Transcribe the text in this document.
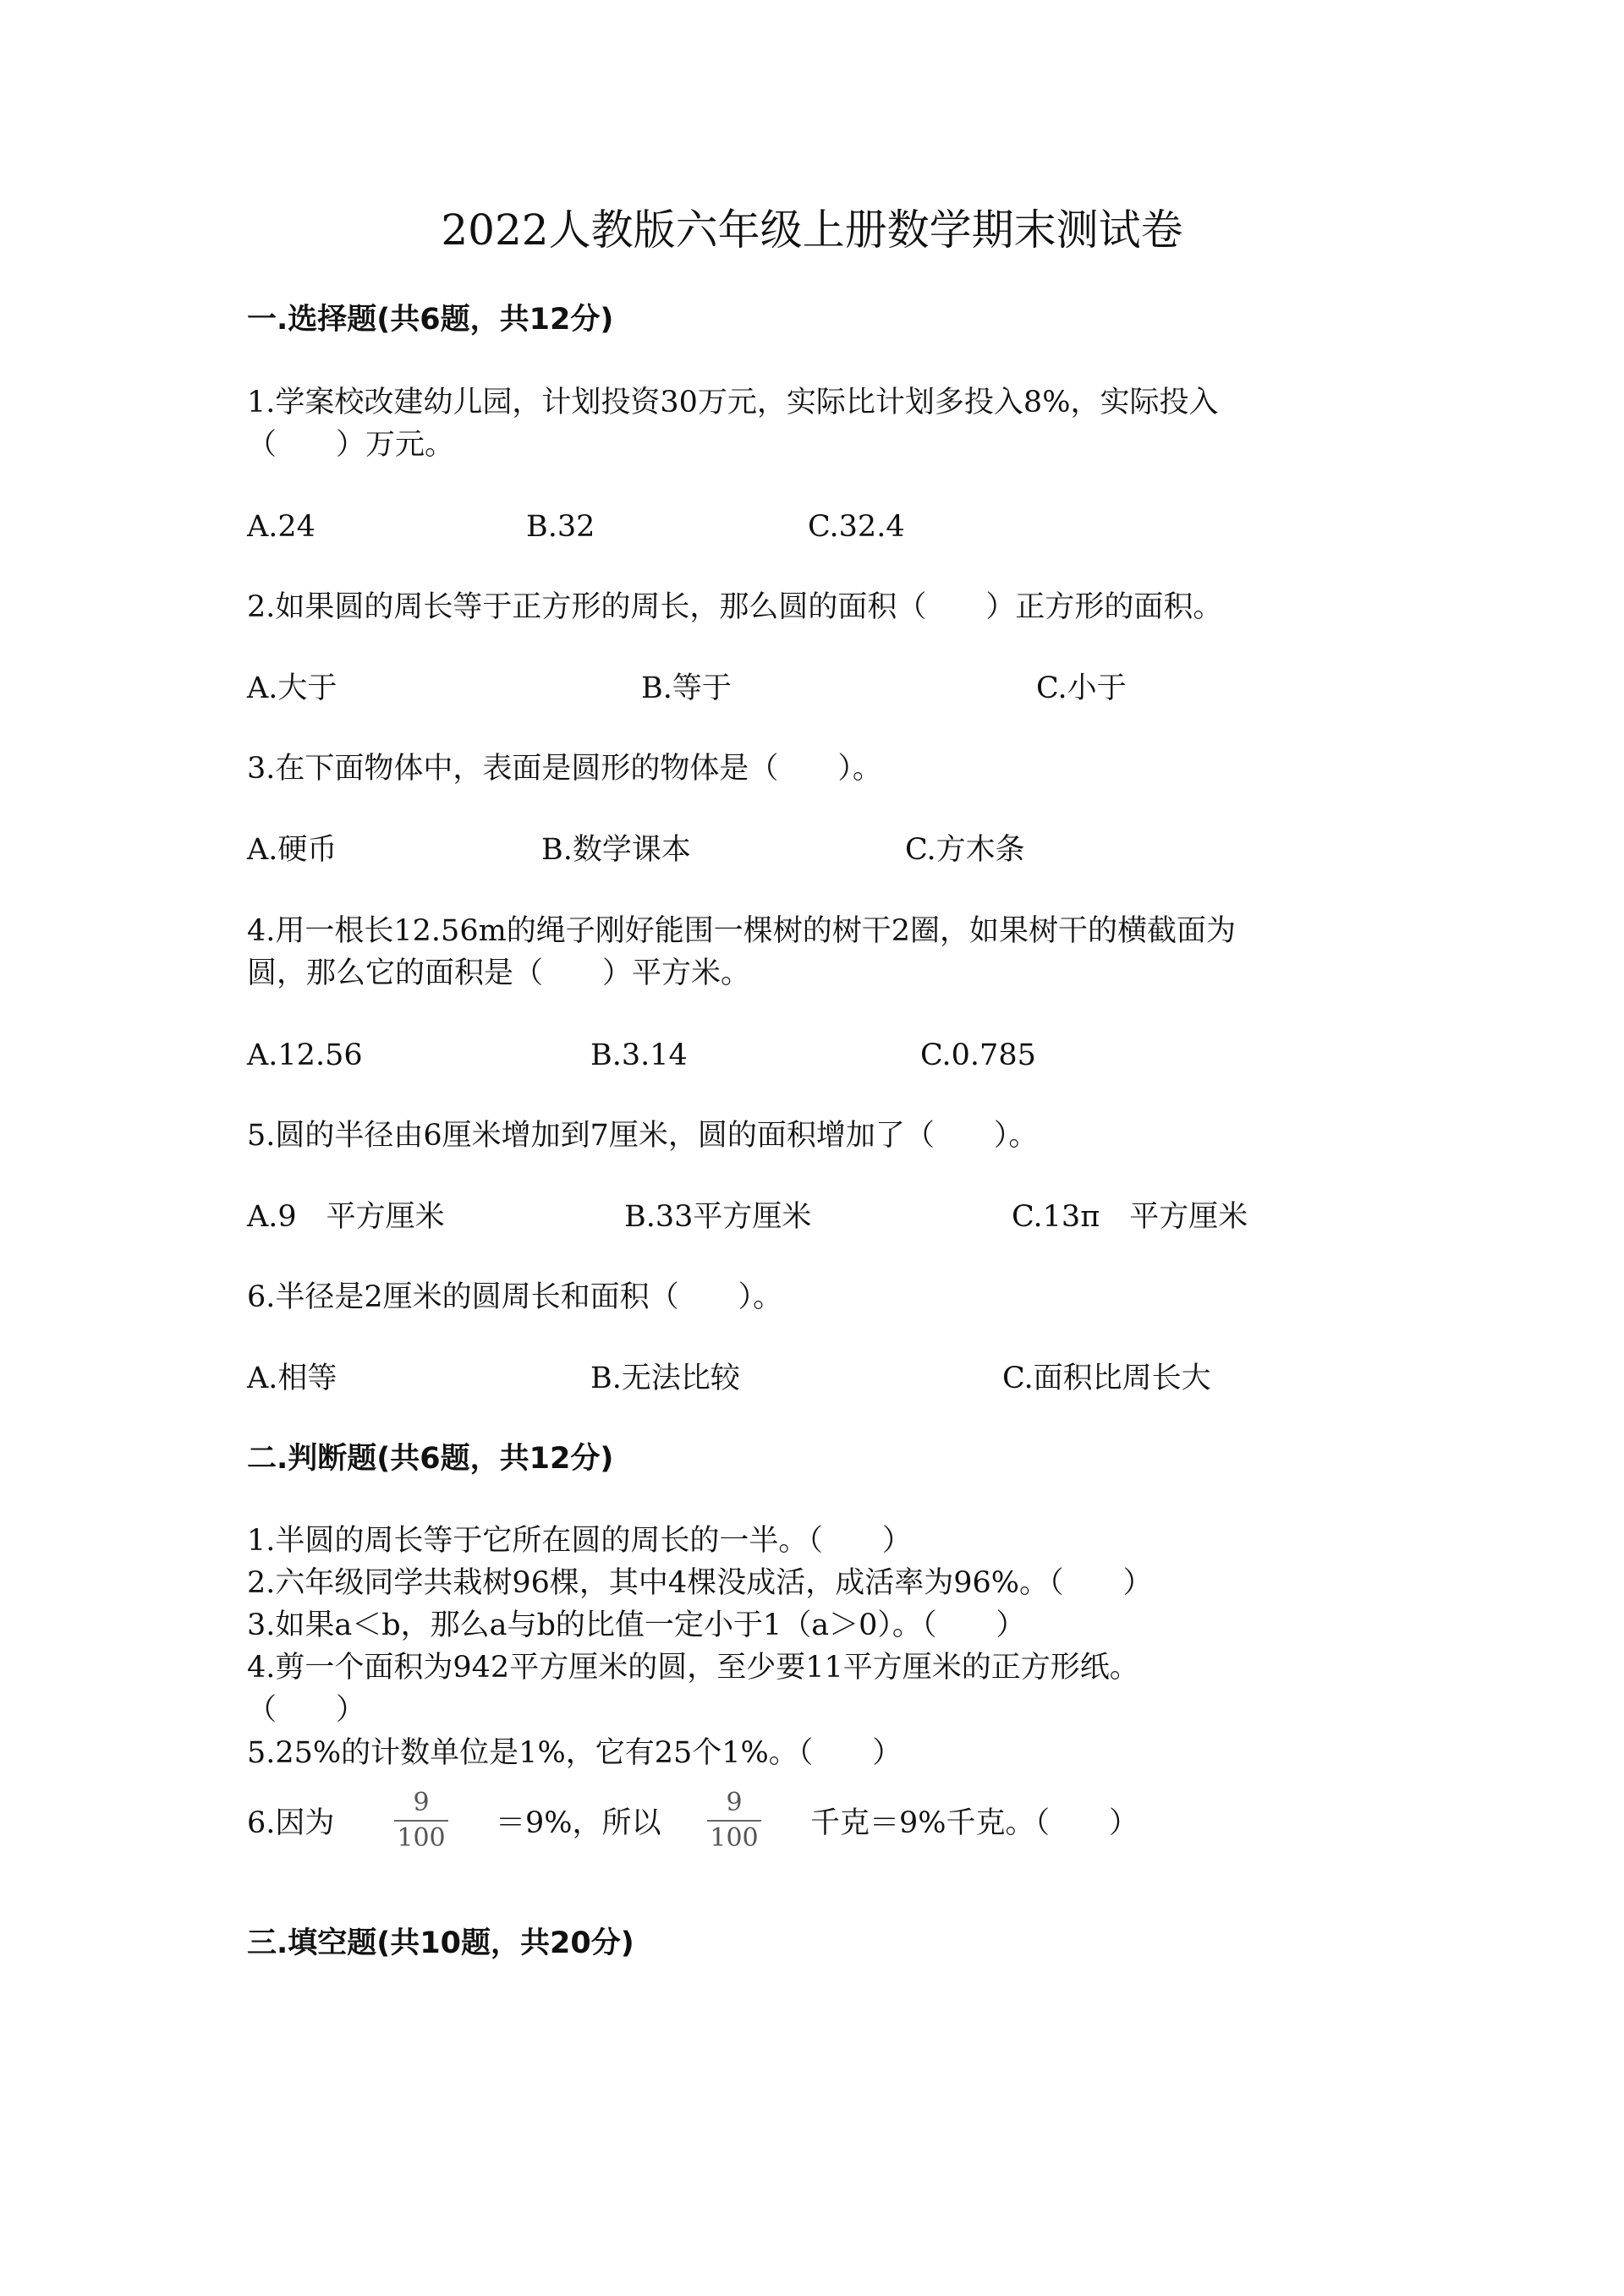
2022人教版六年级上册数学期末测试卷
一.选择题(共6题，共12分)
1.学案校改建幼儿园，计划投资30万元，实际比计划多投入8%，实际投入
（　　）万元。
A.24	B.32	C.32.4
2.如果圆的周长等于正方形的周长，那么圆的面积（　　）正方形的面积。
A.大于	B.等于	C.小于
3.在下面物体中，表面是圆形的物体是（　　）。
A.硬币	B.数学课本	C.方木条
4.用一根长12.56m的绳子刚好能围一棵树的树干2圈，如果树干的横截面为
圆，那么它的面积是（　　）平方米。
A.12.56	B.3.14	C.0.785
5.圆的半径由6厘米增加到7厘米，圆的面积增加了（　　）。
A.9　平方厘米	B.33平方厘米	C.13π　平方厘米
6.半径是2厘米的圆周长和面积（　　）。
A.相等	B.无法比较	C.面积比周长大
二.判断题(共6题，共12分)
1.半圆的周长等于它所在圆的周长的一半。（　　）
2.六年级同学共栽树96棵，其中4棵没成活，成活率为96%。（　　）
3.如果a＜b，那么a与b的比值一定小于1（a＞0）。（　　）
4.剪一个面积为942平方厘米的圆，至少要11平方厘米的正方形纸。
（　　）
5.25%的计数单位是1%，它有25个1%。（　　）
6.因为
9
100 ＝9%，所以
9
100 千克＝9%千克。（　　）
三.填空题(共10题，共20分)
